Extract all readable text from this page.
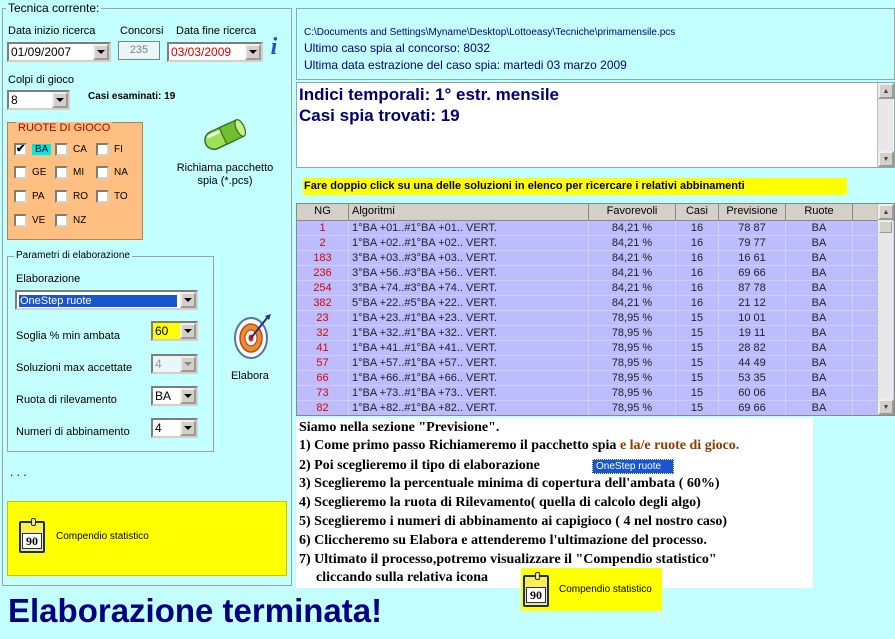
Tecnica corrente:
Data inizio ricerca
01/09/2007
Concorsi
235
Data fine ricerca
03/03/2009	i
Colpi di gioco
8	Casi esaminati: 19
RUOTE DI GIOCO
✔ BA	CA	FI
GE	MI	NA
PA	RO	TO
VE	NZ
Richiama pacchetto spia (*.pcs)
Parametri di elaborazione
Elaborazione
OneStep ruote
Soglia % min ambata	60
Soluzioni max accettate	4
Ruota di rilevamento	BA
Numeri di abbinamento	4
Elabora
. . .
90	Compendio statistico
C:\Documents and Settings\Myname\Desktop\Lottoeasy\Tecniche\primamensile.pcs
Ultimo caso spia al concorso: 8032
Ultima data estrazione del caso spia: martedi 03 marzo 2009
Indici temporali: 1° estr. mensile
Casi spia trovati: 19
▲
▼
Fare doppio click su una delle soluzioni in elenco per ricercare i relativi abbinamenti
NG	Algoritmi	Favorevoli	Casi	Previsione	Ruote
1	1°BA +01..#1°BA +01.. VERT.	84,21 %	16	78 87	BA
2	1°BA +02..#1°BA +02.. VERT.	84,21 %	16	79 77	BA
183	3°BA +03..#3°BA +03.. VERT.	84,21 %	16	16 61	BA
236	3°BA +56..#3°BA +56.. VERT.	84,21 %	16	69 66	BA
254	3°BA +74..#3°BA +74.. VERT.	84,21 %	16	87 78	BA
382	5°BA +22..#5°BA +22.. VERT.	84,21 %	16	21 12	BA
23	1°BA +23..#1°BA +23.. VERT.	78,95 %	15	10 01	BA
32	1°BA +32..#1°BA +32.. VERT.	78,95 %	15	19 11	BA
41	1°BA +41..#1°BA +41.. VERT.	78,95 %	15	28 82	BA
57	1°BA +57..#1°BA +57.. VERT.	78,95 %	15	44 49	BA
66	1°BA +66..#1°BA +66.. VERT.	78,95 %	15	53 35	BA
73	1°BA +73..#1°BA +73.. VERT.	78,95 %	15	60 06	BA
82	1°BA +82..#1°BA +82.. VERT.	78,95 %	15	69 66	BA
▲
▼
Siamo nella sezione "Previsione".
1) Come primo passo Richiameremo il pacchetto spia e la/e ruote di gioco.
2) Poi sceglieremo il tipo di elaborazione	OneStep ruote
3) Sceglieremo la percentuale minima di copertura dell'ambata ( 60%)
4) Sceglieremo la ruota di Rilevamento( quella di calcolo degli algo)
5) Sceglieremo i numeri di abbinamento ai capigioco ( 4 nel nostro caso)
6) Cliccheremo su Elabora e attenderemo l'ultimazione del processo.
7) Ultimato il processo,potremo visualizzare il "Compendio statistico"
cliccando sulla relativa icona
90	Compendio statistico
Elaborazione terminata!
